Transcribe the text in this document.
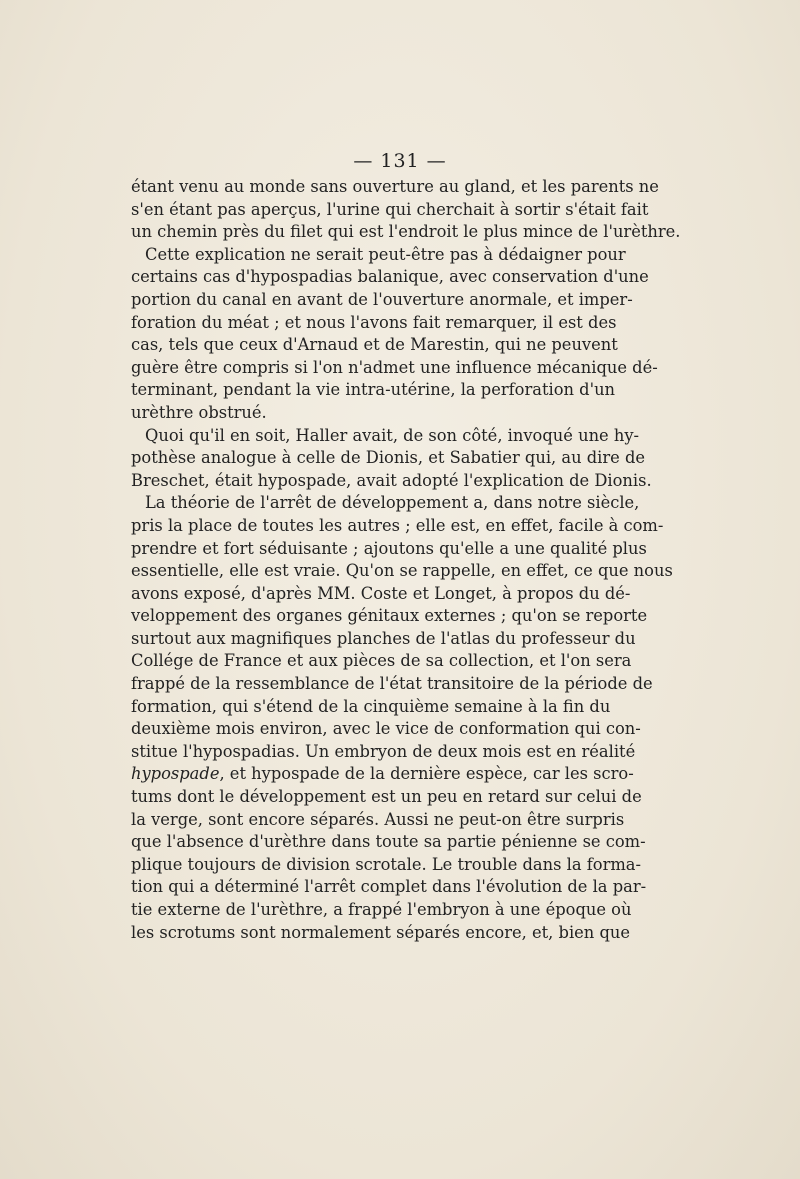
— 131 —
étant venu au monde sans ouverture au gland, et les parents ne
s'en étant pas aperçus, l'urine qui cherchait à sortir s'était fait
un chemin près du filet qui est l'endroit le plus mince de l'urèthre.
Cette explication ne serait peut-être pas à dédaigner pour
certains cas d'hypospadias balanique, avec conservation d'une
portion du canal en avant de l'ouverture anormale, et imper-
foration du méat ; et nous l'avons fait remarquer, il est des
cas, tels que ceux d'Arnaud et de Marestin, qui ne peuvent
guère être compris si l'on n'admet une influence mécanique dé-
terminant, pendant la vie intra-utérine, la perforation d'un
urèthre obstrué.
Quoi qu'il en soit, Haller avait, de son côté, invoqué une hy-
pothèse analogue à celle de Dionis, et Sabatier qui, au dire de
Breschet, était hypospade, avait adopté l'explication de Dionis.
La théorie de l'arrêt de développement a, dans notre siècle,
pris la place de toutes les autres ; elle est, en effet, facile à com-
prendre et fort séduisante ; ajoutons qu'elle a une qualité plus
essentielle, elle est vraie. Qu'on se rappelle, en effet, ce que nous
avons exposé, d'après MM. Coste et Longet, à propos du dé-
veloppement des organes génitaux externes ; qu'on se reporte
surtout aux magnifiques planches de l'atlas du professeur du
Collége de France et aux pièces de sa collection, et l'on sera
frappé de la ressemblance de l'état transitoire de la période de
formation, qui s'étend de la cinquième semaine à la fin du
deuxième mois environ, avec le vice de conformation qui con-
stitue l'hypospadias. Un embryon de deux mois est en réalité
hypospade, et hypospade de la dernière espèce, car les scro-
tums dont le développement est un peu en retard sur celui de
la verge, sont encore séparés. Aussi ne peut-on être surpris
que l'absence d'urèthre dans toute sa partie pénienne se com-
plique toujours de division scrotale. Le trouble dans la forma-
tion qui a déterminé l'arrêt complet dans l'évolution de la par-
tie externe de l'urèthre, a frappé l'embryon à une époque où
les scrotums sont normalement séparés encore, et, bien que
